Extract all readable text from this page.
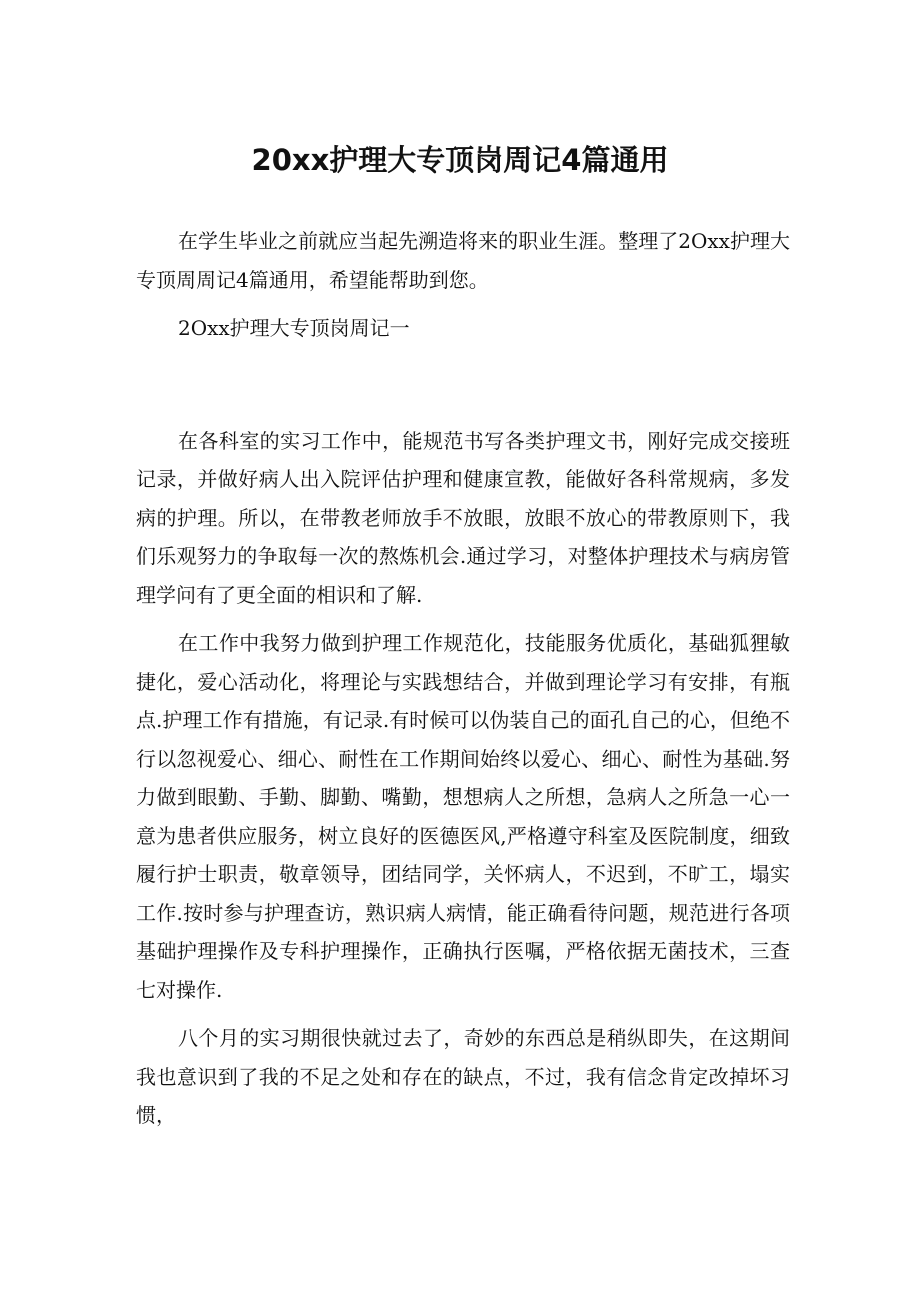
20xx护理大专顶岗周记4篇通用

在学生毕业之前就应当起先溯造将来的职业生涯。整理了2Oxx护理大专顶周周记4篇通用，希望能帮助到您。

2Oxx护理大专顶岗周记一

在各科室的实习工作中，能规范书写各类护理文书，刚好完成交接班记录，并做好病人出入院评估护理和健康宣教，能做好各科常规病，多发病的护理。所以，在带教老师放手不放眼，放眼不放心的带教原则下，我们乐观努力的争取每一次的熬炼机会.通过学习，对整体护理技术与病房管理学问有了更全面的相识和了解.

在工作中我努力做到护理工作规范化，技能服务优质化，基础狐狸敏捷化，爱心活动化，将理论与实践想结合，并做到理论学习有安排，有瓶点.护理工作有措施，有记录.有时候可以伪装自己的面孔自己的心，但绝不行以忽视爱心、细心、耐性在工作期间始终以爱心、细心、耐性为基础.努力做到眼勤、手勤、脚勤、嘴勤，想想病人之所想，急病人之所急一心一意为患者供应服务，树立良好的医德医风,严格遵守科室及医院制度，细致履行护士职责，敬章领导，团结同学，关怀病人，不迟到，不旷工，塌实工作.按时参与护理查访，熟识病人病情，能正确看待问题，规范进行各项基础护理操作及专科护理操作，正确执行医嘱，严格依据无菌技术，三查七对操作.

八个月的实习期很快就过去了，奇妙的东西总是稍纵即失，在这期间我也意识到了我的不足之处和存在的缺点，不过，我有信念肯定改掉坏习惯，
